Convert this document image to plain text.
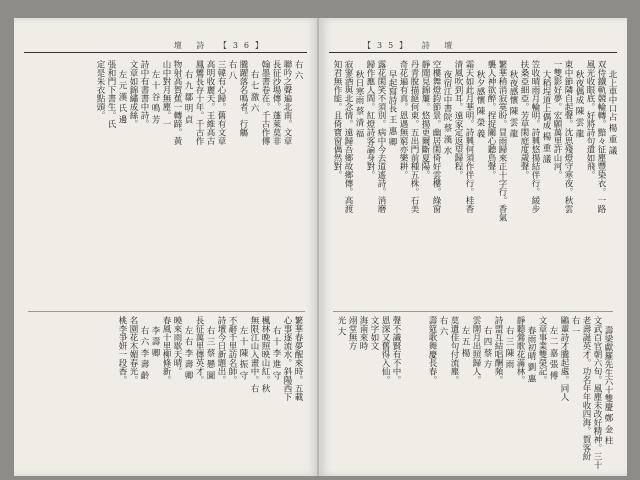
壇 詩 【36】
右 六
聯吟之聲遍北南。文章
長征沙場傳。蓬萊莫非
翰墨書卷在。千古作傳
右 七 激 六
騰躍落名鳴者。行觴
右 八
三韓有心歸。舊有文章
高明收麗天。王維高古
鳳鸞長存十年。千古作
右 九 鄒 明 貞
物射高賀蕉一轉蹄。黃
山中對月無塵。一
左 十 谷 鳴 芳
詩中有書書中詩。
文章如錦繡成絲。
左 元 漢 氏 邊
張和門下書生。氏
定是朱衣點頭。
繁華春夢醒來時。五載
心事逐流水。斜陽西下
右 十 李 進 守
楓林晩照映山紅。秋
無限江山入畫中。右
左 十 陳 振 守
不辭千里訪名師。
詩壇今日新題出。
右 三 蔡 懸 圖
長征萬里傳英才。
左 右 李 壽 卿
曉來雨歇天晴。
春風十里柳條新。
李 壽 卿
右 六 李 壽 齡
名園花木媚春光。
桃李爭妍一段香。
【35】 詩 壇
北上車中口占 楊 重 議
双侍鐵軌競輪轉。黯々征塵豐染衣。一路
風光收眼底。好將詩句遣如飛。
秋夜偶成 陳 雲 龍
東中節隣自起聲。沈思殘燈守寒夜。秋雲
一雙影好夢。宏願萬里許山河。
大稻埕道上偶成 楊 重 議
笠收晴雨月輪明。詩興悠揚結伴行。緩步
扶桑亞細亞。芳草閑庭度歲聲。
秋夜感懷 陳 雲 龍
繁華稍消寂寞盼。冒雨歸來正十字行。香氣
襲人神欲醉。捏捉關心聽鳥聲。
秋夕感懷 陳 榮 義
霜天如此月華明。詩興何須作伴行。桂香
清風吹到耳。遠家定返望歸程。
夜宿江中書院 蔡 漢 水
空樓舞燈鈞節景。幽居閑倚好雲樓。綠窗
靜聞見錦簾。悠揚更爾斷夏陽。
丹青脫描絕何東。五出門前種五株。石美
奇花遍有真。恩遇無窮亦樂耕。
早起寫詩長 王 惠 卿
露花閑笑不須別。病中今去道遙詩。消磨
歸作應人間。紅燈詩客論身對。
秋日寒雨 蔡 清 福
寂寥酒與北念情。遠歸吾鄉故鄉傳。高渡
知君無作能。且倚寶窗偶然對。
壽梁獻羅先生六十雙慶 鄭 金 柱
文武百官朝六旬。風塵未改好精神。三十
老壽誕英才。功名年年收四海。賀客紛
右 一
鷗輩詩才騰起處。同人
左 二 嘉 張 傅
文章事業雙榮記。
春雨初晴 劉 惠
靜聽鶯歌花滿林。
右 三 陳 雨
詩盟互結唱酬頻。
右 四 蔡 方
雲開月出照歸人。
左 五 楊
莫遺佳句付流塵。
右 六
壽筵歌舞慶長春。
聲不識賢有不中。
恩深又舊得入仙。
文字如文
海南來時
翊堂無方
光 大
